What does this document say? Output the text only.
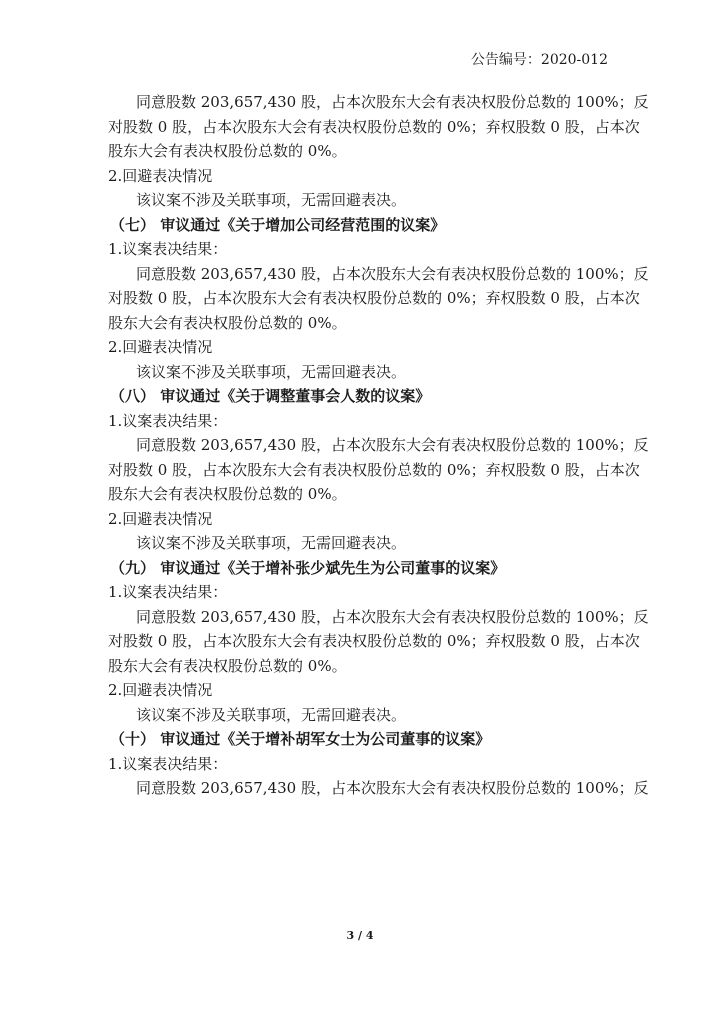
公告编号：2020-012
同意股数 203,657,430 股，占本次股东大会有表决权股份总数的 100%；反
对股数 0 股，占本次股东大会有表决权股份总数的 0%；弃权股数 0 股，占本次
股东大会有表决权股份总数的 0%。
2.回避表决情况
该议案不涉及关联事项，无需回避表决。
（七） 审议通过《关于增加公司经营范围的议案》
1.议案表决结果：
同意股数 203,657,430 股，占本次股东大会有表决权股份总数的 100%；反
对股数 0 股，占本次股东大会有表决权股份总数的 0%；弃权股数 0 股，占本次
股东大会有表决权股份总数的 0%。
2.回避表决情况
该议案不涉及关联事项，无需回避表决。
（八） 审议通过《关于调整董事会人数的议案》
1.议案表决结果：
同意股数 203,657,430 股，占本次股东大会有表决权股份总数的 100%；反
对股数 0 股，占本次股东大会有表决权股份总数的 0%；弃权股数 0 股，占本次
股东大会有表决权股份总数的 0%。
2.回避表决情况
该议案不涉及关联事项，无需回避表决。
（九） 审议通过《关于增补张少斌先生为公司董事的议案》
1.议案表决结果：
同意股数 203,657,430 股，占本次股东大会有表决权股份总数的 100%；反
对股数 0 股，占本次股东大会有表决权股份总数的 0%；弃权股数 0 股，占本次
股东大会有表决权股份总数的 0%。
2.回避表决情况
该议案不涉及关联事项，无需回避表决。
（十） 审议通过《关于增补胡军女士为公司董事的议案》
1.议案表决结果：
同意股数 203,657,430 股，占本次股东大会有表决权股份总数的 100%；反
3 / 4
